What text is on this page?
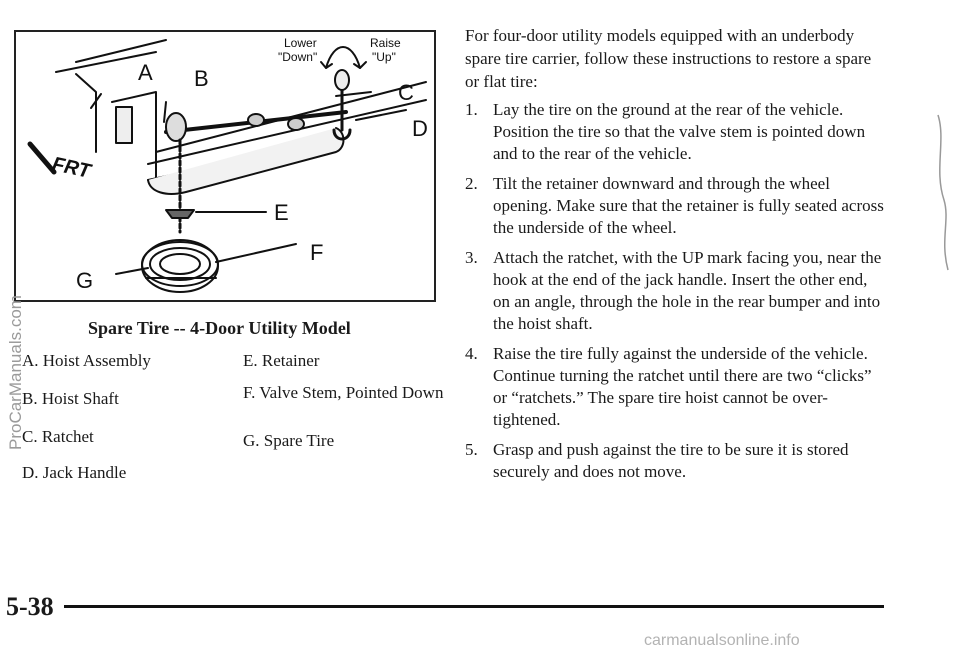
A B
C
D
E
F
G
Lower
"Down"
Raise
"Up"
FRT
Spare Tire -- 4-Door Utility Model
A. Hoist Assembly
B. Hoist Shaft
C. Ratchet
D. Jack Handle
E. Retainer
F. Valve Stem, Pointed Down
G. Spare Tire

For four-door utility models equipped with an underbody spare tire carrier, follow these instructions to restore a spare or flat tire:

1. Lay the tire on the ground at the rear of the vehicle. Position the tire so that the valve stem is pointed down and to the rear of the vehicle.
2. Tilt the retainer downward and through the wheel opening. Make sure that the retainer is fully seated across the underside of the wheel.
3. Attach the ratchet, with the UP mark facing you, near the hook at the end of the jack handle. Insert the other end, on an angle, through the hole in the rear bumper and into the hoist shaft.
4. Raise the tire fully against the underside of the vehicle. Continue turning the ratchet until there are two “clicks” or “ratchets.” The spare tire hoist cannot be over-tightened.
5. Grasp and push against the tire to be sure it is stored securely and does not move.
5-38
ProCarManuals.com
carmanualsonline.info
